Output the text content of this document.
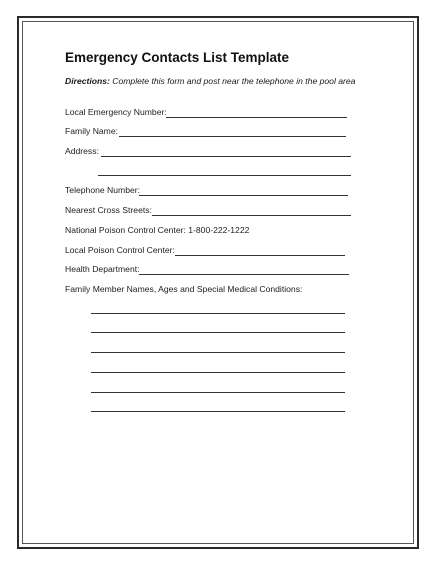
Emergency Contacts List Template
Directions: Complete this form and post near the telephone in the pool area
Local Emergency Number:
Family Name:
Address:
Telephone Number:
Nearest Cross Streets:
National Poison Control Center: 1-800-222-1222
Local Poison Control Center:
Health Department:
Family Member Names, Ages and Special Medical Conditions:
